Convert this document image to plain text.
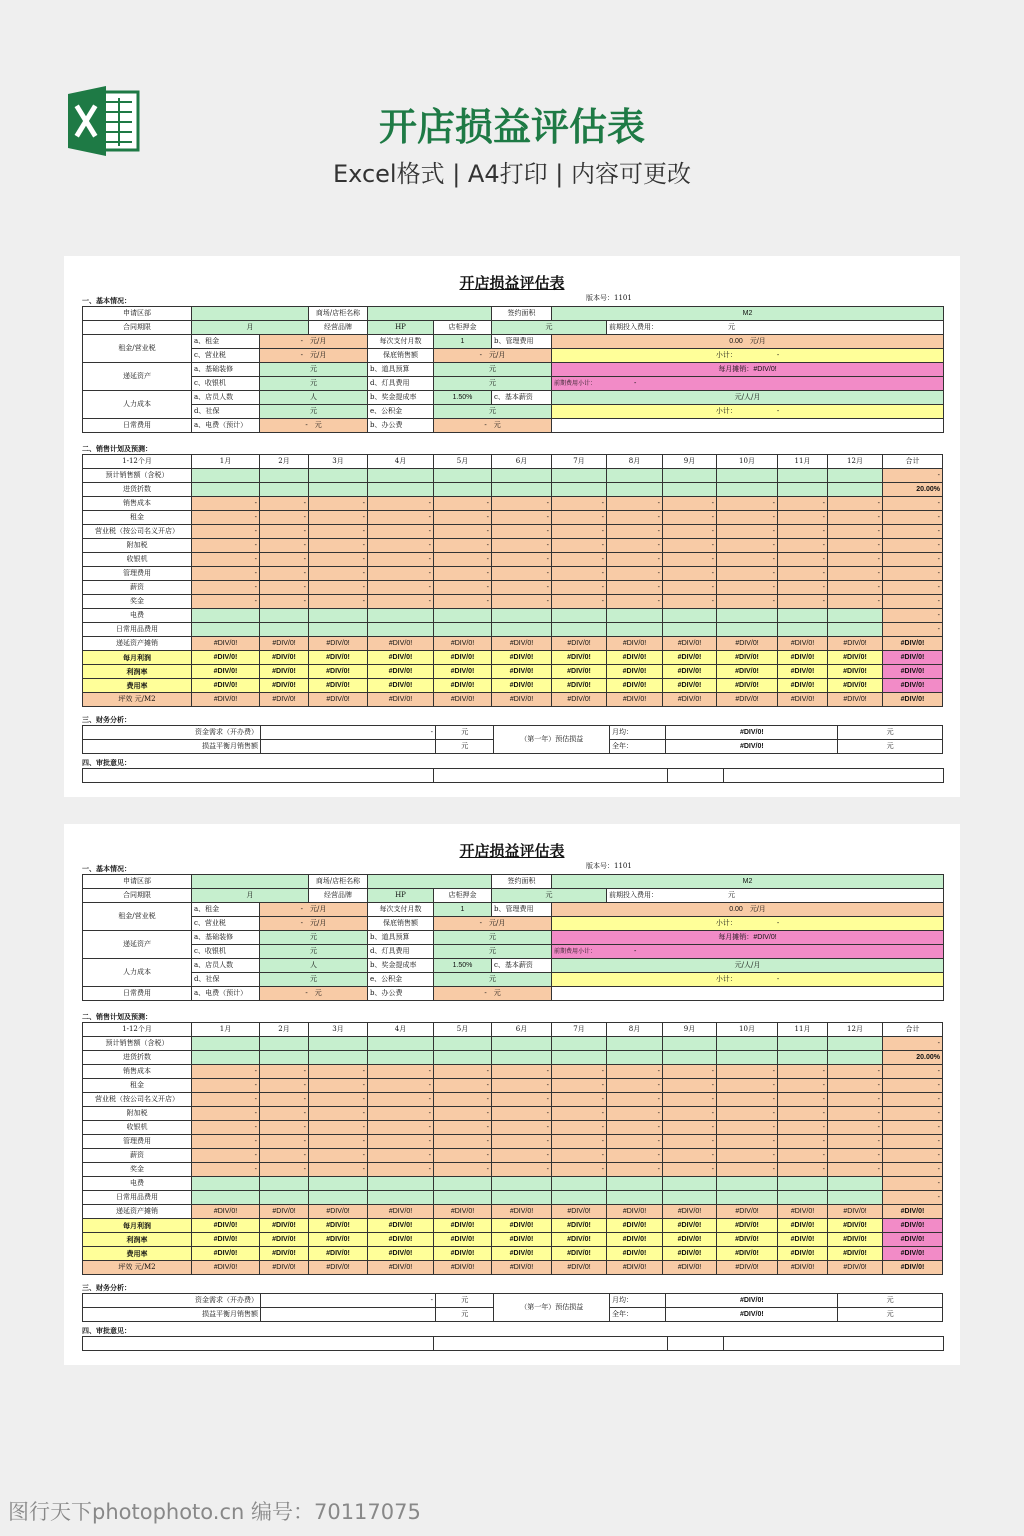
开店损益评估表

Excel格式 | A4打印 | 内容可更改

开店损益评估表
版本号：1101
一、基本情况：
申请区部			商场/店柜名称			签约面积	M2	
合同期限	月		经营品牌	HP	店柜押金	元		前期投入费用： 元	
租金/营业税	a、租金	-　 元/月		每次支付月数	1	b、管理费用	0.00　 元/月	
	c、营业税	-　 元/月		保底销售额	-　 元/月		小计： -	
递延资产	a、基础装修	元		b、道具预算	元		每月摊销：#DIV/0!	
	c、收银机	元		d、灯具费用	元		前期费用小计： -	
人力成本	a、店员人数	人		b、奖金提成率	1.50%	c、基本薪资	元/人/月	
	d、社保	元		e、公积金	元		小计： -	
日常费用	a、电费（预计）	-　 元		b、办公费	-　 元		
二、销售计划及预测：
1-12个月	1月	2月	3月	4月	5月	6月	7月	8月	9月	10月	11月	12月	合计
预计销售额（含税）													-
进货折数													20.00%
销售成本	-	-	-	-	-	-	-	-	-	-	-	-	-
租金	-	-	-	-	-	-	-	-	-	-	-	-	-
营业税（按公司名义开店）	-	-	-	-	-	-	-	-	-	-	-	-	-
附加税	-	-	-	-	-	-	-	-	-	-	-	-	-
收银机	-	-	-	-	-	-	-	-	-	-	-	-	-
管理费用	-	-	-	-	-	-	-	-	-	-	-	-	-
薪资	-	-	-	-	-	-	-	-	-	-	-	-	-
奖金	-	-	-	-	-	-	-	-	-	-	-	-	-
电费													-
日常用品费用													-
递延资产摊销	#DIV/0!	#DIV/0!	#DIV/0!	#DIV/0!	#DIV/0!	#DIV/0!	#DIV/0!	#DIV/0!	#DIV/0!	#DIV/0!	#DIV/0!	#DIV/0!	#DIV/0!
每月利润	#DIV/0!	#DIV/0!	#DIV/0!	#DIV/0!	#DIV/0!	#DIV/0!	#DIV/0!	#DIV/0!	#DIV/0!	#DIV/0!	#DIV/0!	#DIV/0!	#DIV/0!
利润率	#DIV/0!	#DIV/0!	#DIV/0!	#DIV/0!	#DIV/0!	#DIV/0!	#DIV/0!	#DIV/0!	#DIV/0!	#DIV/0!	#DIV/0!	#DIV/0!	#DIV/0!
费用率	#DIV/0!	#DIV/0!	#DIV/0!	#DIV/0!	#DIV/0!	#DIV/0!	#DIV/0!	#DIV/0!	#DIV/0!	#DIV/0!	#DIV/0!	#DIV/0!	#DIV/0!
坪效 元/M2	#DIV/0!	#DIV/0!	#DIV/0!	#DIV/0!	#DIV/0!	#DIV/0!	#DIV/0!	#DIV/0!	#DIV/0!	#DIV/0!	#DIV/0!	#DIV/0!	#DIV/0!
三、财务分析：
资金需求（开办费）	-	元	（第一年）预估损益	月均：	#DIV/0!	元
损益平衡月销售额		元		全年：	#DIV/0!	元
四、审批意见：

开店损益评估表
版本号：1101
一、基本情况：
申请区部			商场/店柜名称			签约面积	M2	
合同期限	月		经营品牌	HP	店柜押金	元		前期投入费用： 元	
租金/营业税	a、租金	-　 元/月		每次支付月数	1	b、管理费用	0.00　 元/月	
	c、营业税	-　 元/月		保底销售额	-　 元/月		小计： -	
递延资产	a、基础装修	元		b、道具预算	元		每月摊销：#DIV/0!	
	c、收银机	元		d、灯具费用	元		前期费用小计： -	
人力成本	a、店员人数	人		b、奖金提成率	1.50%	c、基本薪资	元/人/月	
	d、社保	元		e、公积金	元		小计： -	
日常费用	a、电费（预计）	-　 元		b、办公费	-　 元		
二、销售计划及预测：
1-12个月	1月	2月	3月	4月	5月	6月	7月	8月	9月	10月	11月	12月	合计
预计销售额（含税）													-
进货折数													20.00%
销售成本	-	-	-	-	-	-	-	-	-	-	-	-	-
租金	-	-	-	-	-	-	-	-	-	-	-	-	-
营业税（按公司名义开店）	-	-	-	-	-	-	-	-	-	-	-	-	-
附加税	-	-	-	-	-	-	-	-	-	-	-	-	-
收银机	-	-	-	-	-	-	-	-	-	-	-	-	-
管理费用	-	-	-	-	-	-	-	-	-	-	-	-	-
薪资	-	-	-	-	-	-	-	-	-	-	-	-	-
奖金	-	-	-	-	-	-	-	-	-	-	-	-	-
电费													-
日常用品费用													-
递延资产摊销	#DIV/0!	#DIV/0!	#DIV/0!	#DIV/0!	#DIV/0!	#DIV/0!	#DIV/0!	#DIV/0!	#DIV/0!	#DIV/0!	#DIV/0!	#DIV/0!	#DIV/0!
每月利润	#DIV/0!	#DIV/0!	#DIV/0!	#DIV/0!	#DIV/0!	#DIV/0!	#DIV/0!	#DIV/0!	#DIV/0!	#DIV/0!	#DIV/0!	#DIV/0!	#DIV/0!
利润率	#DIV/0!	#DIV/0!	#DIV/0!	#DIV/0!	#DIV/0!	#DIV/0!	#DIV/0!	#DIV/0!	#DIV/0!	#DIV/0!	#DIV/0!	#DIV/0!	#DIV/0!
费用率	#DIV/0!	#DIV/0!	#DIV/0!	#DIV/0!	#DIV/0!	#DIV/0!	#DIV/0!	#DIV/0!	#DIV/0!	#DIV/0!	#DIV/0!	#DIV/0!	#DIV/0!
坪效 元/M2	#DIV/0!	#DIV/0!	#DIV/0!	#DIV/0!	#DIV/0!	#DIV/0!	#DIV/0!	#DIV/0!	#DIV/0!	#DIV/0!	#DIV/0!	#DIV/0!	#DIV/0!
三、财务分析：
资金需求（开办费）	-	元	（第一年）预估损益	月均：	#DIV/0!	元
损益平衡月销售额		元		全年：	#DIV/0!	元
四、审批意见：

图行天下photophoto.cn 编号：70117075
